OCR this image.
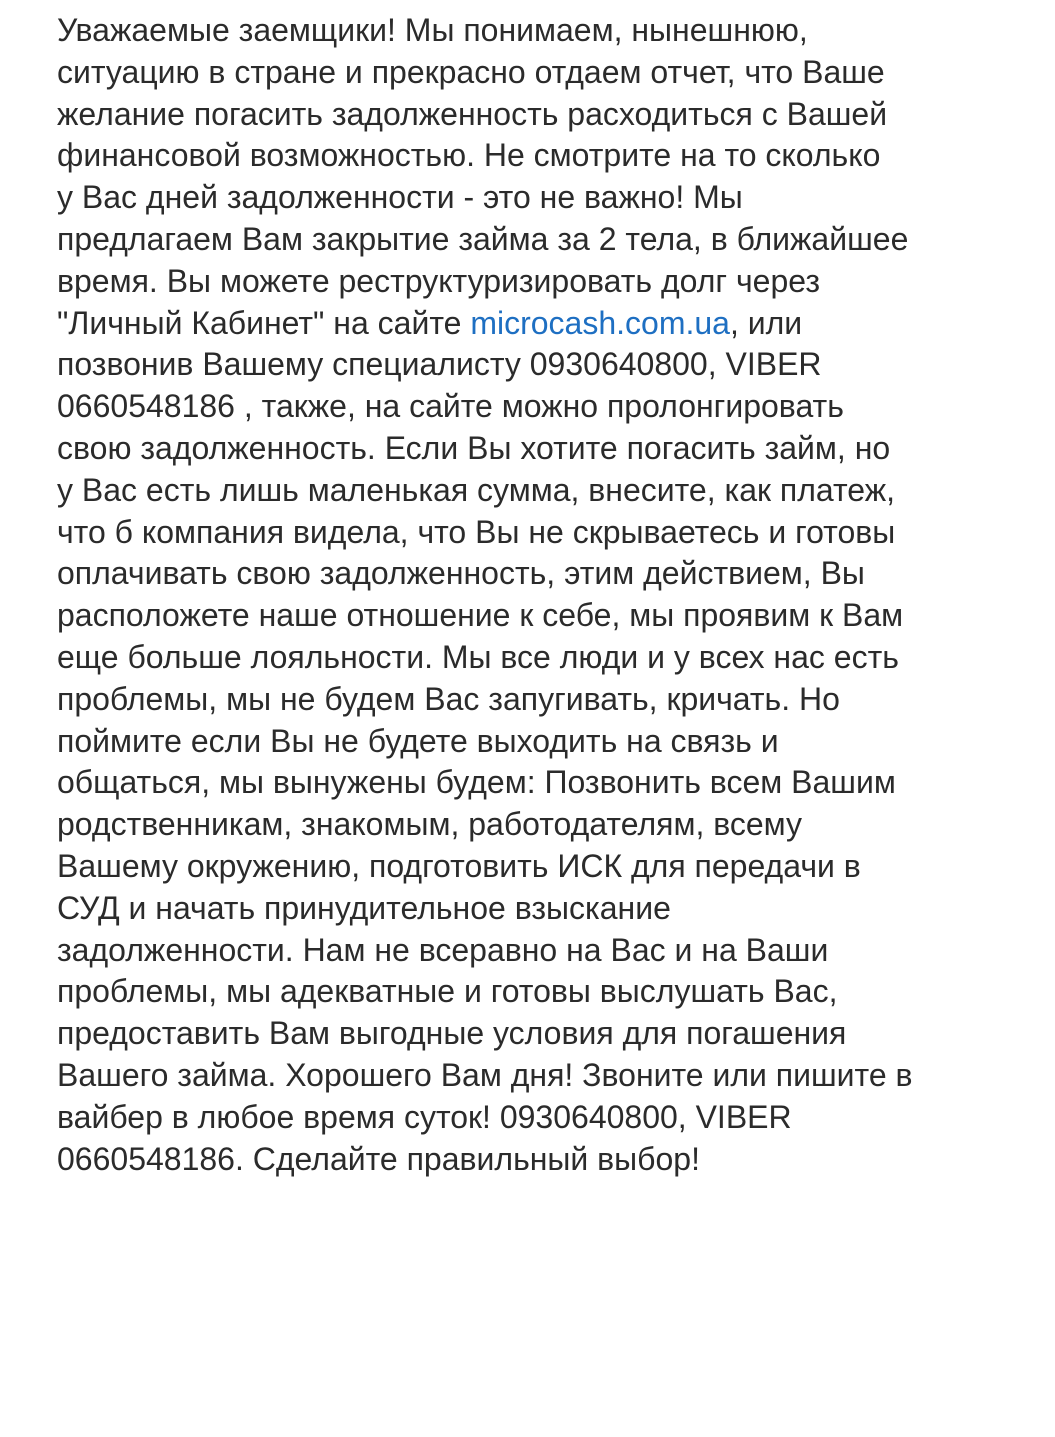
Уважаемые заемщики! Мы понимаем, нынешнюю,
ситуацию в стране и прекрасно отдаем отчет, что Ваше
желание погасить задолженность расходиться с Вашей
финансовой возможностью. Не смотрите на то сколько
у Вас дней задолженности - это не важно! Мы
предлагаем Вам закрытие займа за 2 тела, в ближайшее
время. Вы можете реструктуризировать долг через
"Личный Кабинет" на сайте microcash.com.ua, или
позвонив Вашему специалисту 0930640800, VIBER
0660548186 , также, на сайте можно пролонгировать
свою задолженность. Если Вы хотите погасить займ, но
у Вас есть лишь маленькая сумма, внесите, как платеж,
что б компания видела, что Вы не скрываетесь и готовы
оплачивать свою задолженность, этим действием, Вы
расположете наше отношение к себе, мы проявим к Вам
еще больше лояльности. Мы все люди и у всех нас есть
проблемы, мы не будем Вас запугивать, кричать. Но
поймите если Вы не будете выходить на связь и
общаться, мы вынужены будем: Позвонить всем Вашим
родственникам, знакомым, работодателям, всему
Вашему окружению, подготовить ИСК для передачи в
СУД и начать принудительное взыскание
задолженности. Нам не всеравно на Вас и на Ваши
проблемы, мы адекватные и готовы выслушать Вас,
предоставить Вам выгодные условия для погашения
Вашего займа. Хорошего Вам дня! Звоните или пишите в
вайбер в любое время суток! 0930640800, VIBER
0660548186. Сделайте правильный выбор!
